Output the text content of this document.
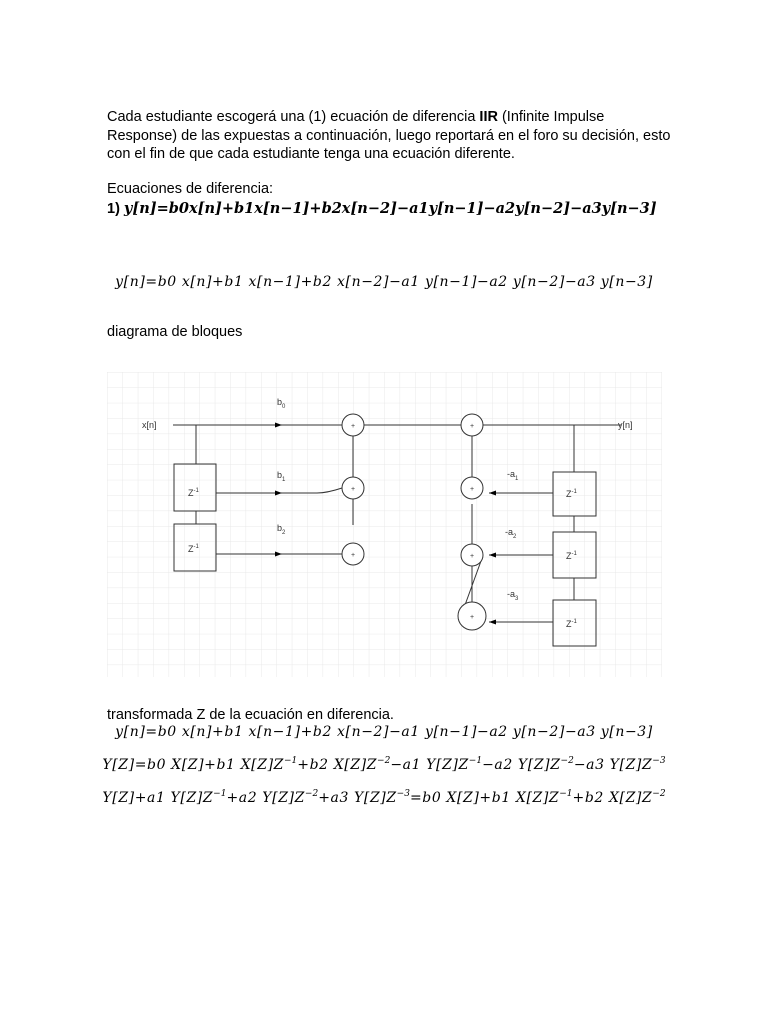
Cada estudiante escogerá una (1) ecuación de diferencia IIR (Infinite Impulse Response) de las expuestas a continuación, luego reportará en el foro su decisión, esto con el fin de que cada estudiante tenga una ecuación diferente.
Ecuaciones de diferencia:
1) y[n]=b0x[n]+b1x[n−1]+b2x[n−2]−a1y[n−1]−a2y[n−2]−a3y[n−3]
y[n]=b0 x[n]+b1 x[n−1]+b2 x[n−2]−a1 y[n−1]−a2 y[n−2]−a3 y[n−3]
diagrama de bloques
+
+
+
+
+
+
+
x[n]	y[n]
$b_0$
$b_1$
$b_2$
$-a_1$
$-a_2$
$-a_3$
$Z^{-1}$
$Z^{-1}$
$Z^{-1}$
$Z^{-1}$
$Z^{-1}$
transformada Z de la ecuación en diferencia.
y[n]=b0 x[n]+b1 x[n−1]+b2 x[n−2]−a1 y[n−1]−a2 y[n−2]−a3 y[n−3]
Y[Z]=b0 X[Z]+b1 $X[Z]Z^{-1}+b2$ $X[Z]Z^{-2}-a1$ $Y[Z]Z^{-1}-a2$ $Y[Z]Z^{-2}-a3$ $Y[Z]Z^{-3}$
Y[Z]+a1 $Y[Z]Z^{-1}+a2$ $Y[Z]Z^{-2}+a3$ $Y[Z]Z^{-3}=b0$ X[Z]+b1 $X[Z]Z^{-1}+b2$ $X[Z]Z^{-2}$
